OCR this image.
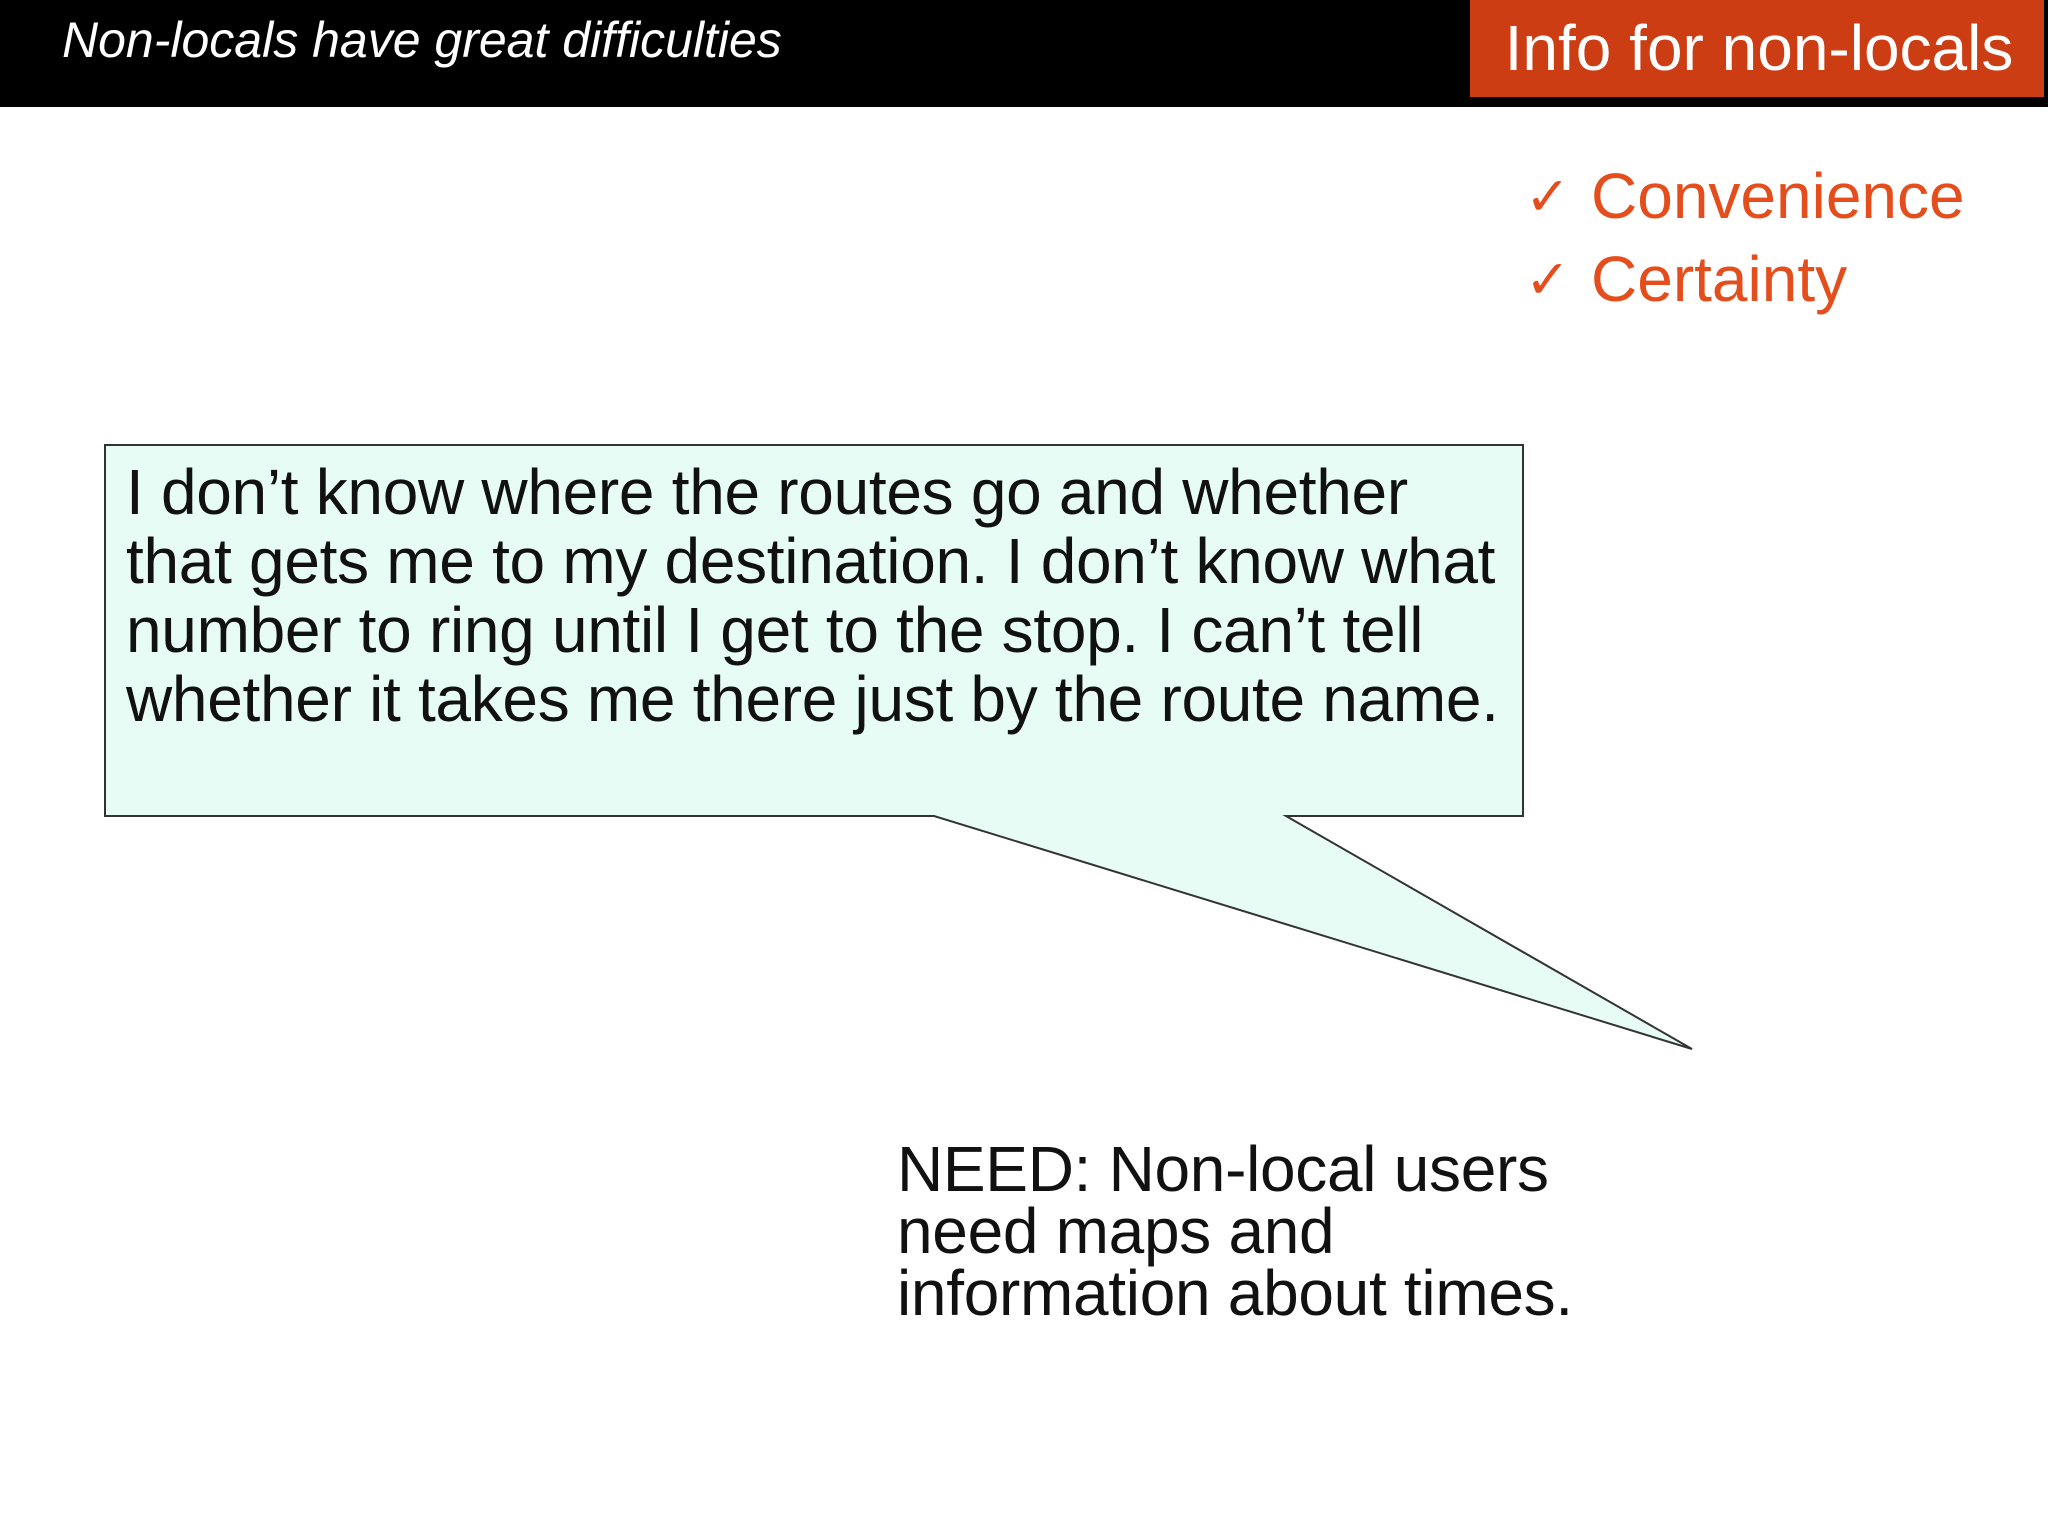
Non-locals have great difficulties	Info for non-locals
✓ Convenience
✓ Certainty
I don’t know where the routes go and whether that gets me to my destination. I don’t know what number to ring until I get to the stop. I can’t tell whether it takes me there just by the route name.
NEED: Non-local users need maps and information about times.
